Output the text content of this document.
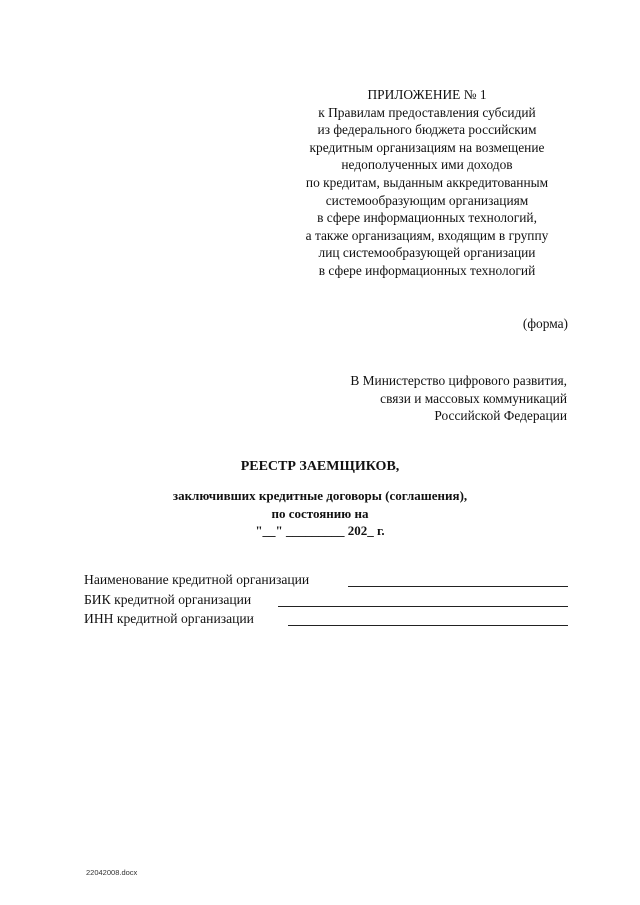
ПРИЛОЖЕНИЕ № 1
к Правилам предоставления субсидий
из федерального бюджета российским
кредитным организациям на возмещение
недополученных ими доходов
по кредитам, выданным аккредитованным
системообразующим организациям
в сфере информационных технологий,
а также организациям, входящим в группу
лиц системообразующей организации
в сфере информационных технологий
(форма)
В Министерство цифрового развития,
связи и массовых коммуникаций
Российской Федерации
РЕЕСТР ЗАЕМЩИКОВ,
заключивших кредитные договоры (соглашения),
по состоянию на
"__" _________ 202_ г.
Наименование кредитной организации
БИК кредитной организации
ИНН кредитной организации
22042008.docx
